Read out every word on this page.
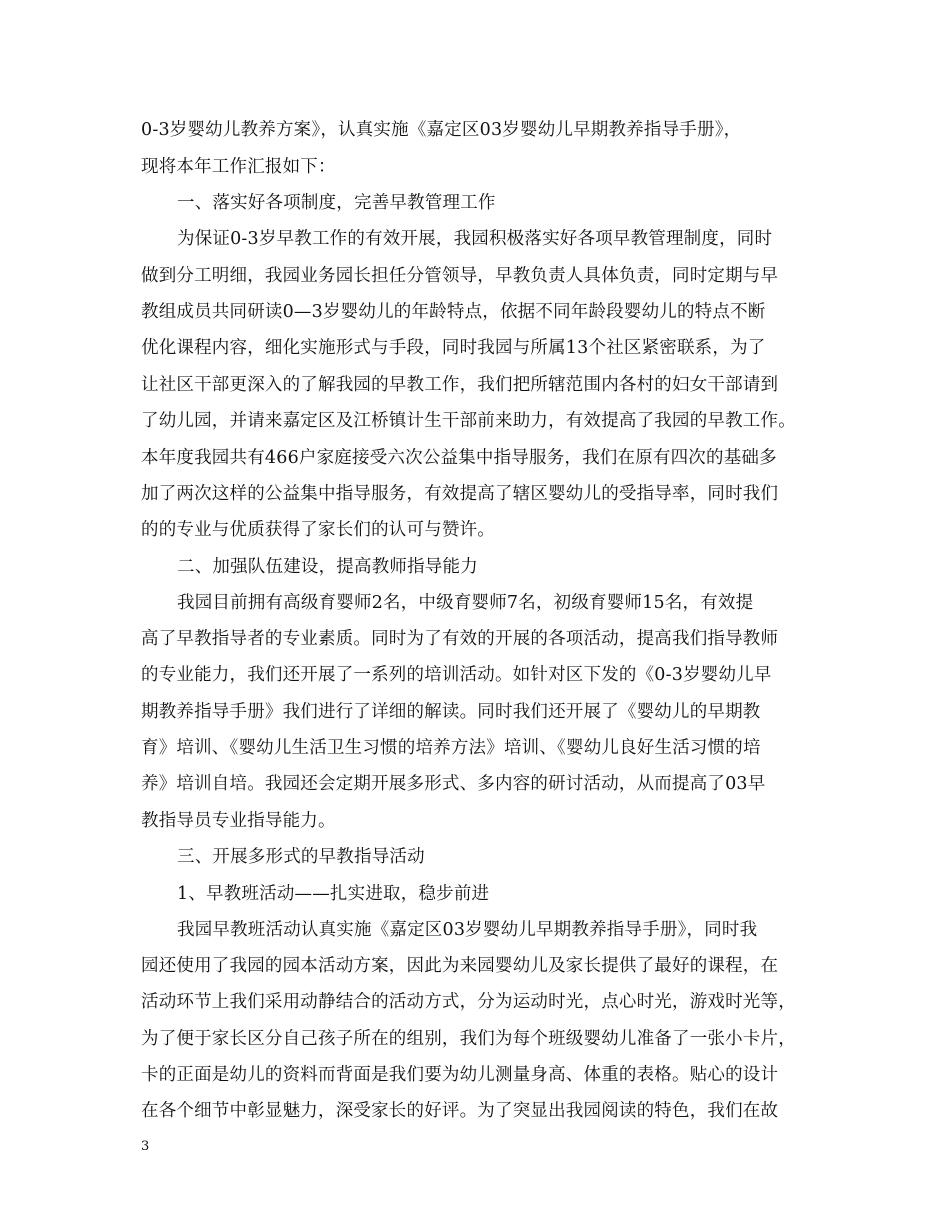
0-3岁婴幼儿教养方案》，认真实施《嘉定区03岁婴幼儿早期教养指导手册》，
现将本年工作汇报如下：
一、落实好各项制度，完善早教管理工作
为保证0-3岁早教工作的有效开展，我园积极落实好各项早教管理制度，同时
做到分工明细，我园业务园长担任分管领导，早教负责人具体负责，同时定期与早
教组成员共同研读0—3岁婴幼儿的年龄特点，依据不同年龄段婴幼儿的特点不断
优化课程内容，细化实施形式与手段，同时我园与所属13个社区紧密联系，为了
让社区干部更深入的了解我园的早教工作，我们把所辖范围内各村的妇女干部请到
了幼儿园，并请来嘉定区及江桥镇计生干部前来助力，有效提高了我园的早教工作。
本年度我园共有466户家庭接受六次公益集中指导服务，我们在原有四次的基础多
加了两次这样的公益集中指导服务，有效提高了辖区婴幼儿的受指导率，同时我们
的的专业与优质获得了家长们的认可与赞许。
二、加强队伍建设，提高教师指导能力
我园目前拥有高级育婴师2名，中级育婴师7名，初级育婴师15名，有效提
高了早教指导者的专业素质。同时为了有效的开展的各项活动，提高我们指导教师
的专业能力，我们还开展了一系列的培训活动。如针对区下发的《0-3岁婴幼儿早
期教养指导手册》我们进行了详细的解读。同时我们还开展了《婴幼儿的早期教
育》培训、《婴幼儿生活卫生习惯的培养方法》培训、《婴幼儿良好生活习惯的培
养》培训自培。我园还会定期开展多形式、多内容的研讨活动，从而提高了03早
教指导员专业指导能力。
三、开展多形式的早教指导活动
1、早教班活动——扎实进取，稳步前进
我园早教班活动认真实施《嘉定区03岁婴幼儿早期教养指导手册》，同时我
园还使用了我园的园本活动方案，因此为来园婴幼儿及家长提供了最好的课程，在
活动环节上我们采用动静结合的活动方式，分为运动时光，点心时光，游戏时光等，
为了便于家长区分自己孩子所在的组别，我们为每个班级婴幼儿准备了一张小卡片，
卡的正面是幼儿的资料而背面是我们要为幼儿测量身高、体重的表格。贴心的设计
在各个细节中彰显魅力，深受家长的好评。为了突显出我园阅读的特色，我们在故
3
